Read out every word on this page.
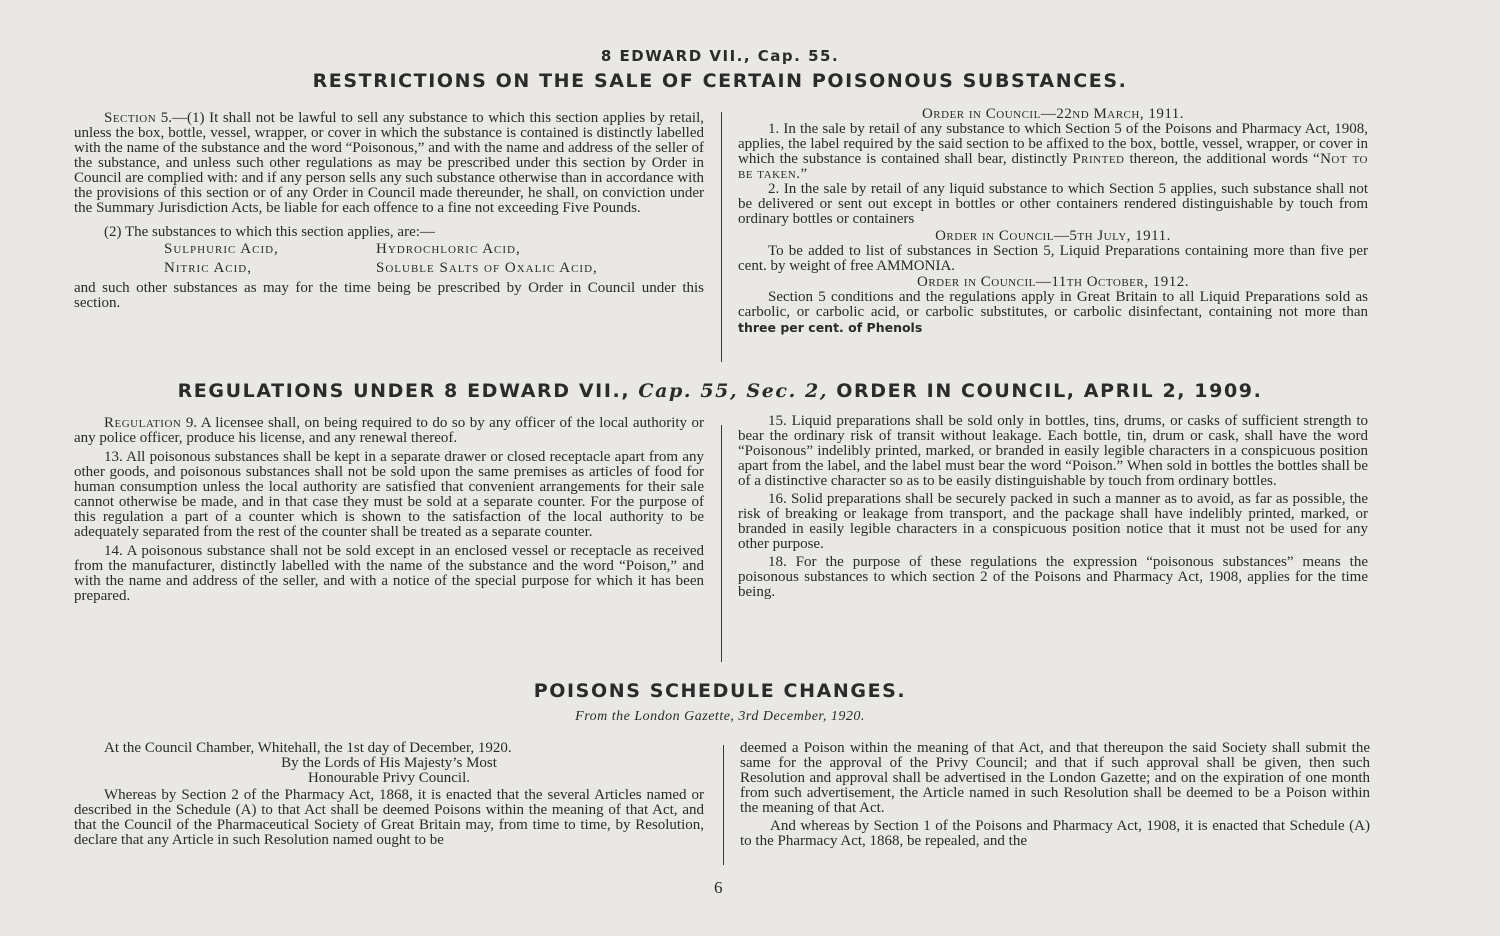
8 EDWARD VII., Cap. 55.
RESTRICTIONS ON THE SALE OF CERTAIN POISONOUS SUBSTANCES.

Section 5.—(1) It shall not be lawful to sell any substance to which this section applies by retail, unless the box, bottle, vessel, wrapper, or cover in which the substance is contained is distinctly labelled with the name of the substance and the word “Poisonous,” and with the name and address of the seller of the substance, and unless such other regulations as may be prescribed under this section by Order in Council are complied with: and if any person sells any such substance otherwise than in accordance with the provisions of this section or of any Order in Council made thereunder, he shall, on conviction under the Summary Jurisdiction Acts, be liable for each offence to a fine not exceeding Five Pounds.

(2) The substances to which this section applies, are:—

Sulphuric Acid,	Hydrochloric Acid,
Nitric Acid,	Soluble Salts of Oxalic Acid,

and such other substances as may for the time being be prescribed by Order in Council under this section.

Order in Council—22nd March, 1911.

1. In the sale by retail of any substance to which Section 5 of the Poisons and Pharmacy Act, 1908, applies, the label required by the said section to be affixed to the box, bottle, vessel, wrapper, or cover in which the substance is contained shall bear, distinctly Printed thereon, the additional words “Not to be taken.”

2. In the sale by retail of any liquid substance to which Section 5 applies, such substance shall not be delivered or sent out except in bottles or other containers rendered distinguishable by touch from ordinary bottles or containers

Order in Council—5th July, 1911.

To be added to list of substances in Section 5, Liquid Preparations containing more than five per cent. by weight of free AMMONIA.

Order in Council—11th October, 1912.

Section 5 conditions and the regulations apply in Great Britain to all Liquid Preparations sold as carbolic, or carbolic acid, or carbolic substitutes, or carbolic disinfectant, containing not more than three per cent. of Phenols

REGULATIONS UNDER 8 EDWARD VII., Cap. 55, Sec. 2, ORDER IN COUNCIL, APRIL 2, 1909.

Regulation 9. A licensee shall, on being required to do so by any officer of the local authority or any police officer, produce his license, and any renewal thereof.

13. All poisonous substances shall be kept in a separate drawer or closed receptacle apart from any other goods, and poisonous substances shall not be sold upon the same premises as articles of food for human consumption unless the local authority are satisfied that convenient arrangements for their sale cannot otherwise be made, and in that case they must be sold at a separate counter. For the purpose of this regulation a part of a counter which is shown to the satisfaction of the local authority to be adequately separated from the rest of the counter shall be treated as a separate counter.

14. A poisonous substance shall not be sold except in an enclosed vessel or receptacle as received from the manufacturer, distinctly labelled with the name of the substance and the word “Poison,” and with the name and address of the seller, and with a notice of the special purpose for which it has been prepared.

15. Liquid preparations shall be sold only in bottles, tins, drums, or casks of sufficient strength to bear the ordinary risk of transit without leakage. Each bottle, tin, drum or cask, shall have the word “Poisonous” indelibly printed, marked, or branded in easily legible characters in a conspicuous position apart from the label, and the label must bear the word “Poison.” When sold in bottles the bottles shall be of a distinctive character so as to be easily distinguishable by touch from ordinary bottles.

16. Solid preparations shall be securely packed in such a manner as to avoid, as far as possible, the risk of breaking or leakage from transport, and the package shall have indelibly printed, marked, or branded in easily legible characters in a conspicuous position notice that it must not be used for any other purpose.

18. For the purpose of these regulations the expression “poisonous substances” means the poisonous substances to which section 2 of the Poisons and Pharmacy Act, 1908, applies for the time being.

POISONS SCHEDULE CHANGES.
From the London Gazette, 3rd December, 1920.

At the Council Chamber, Whitehall, the 1st day of December, 1920.

By the Lords of His Majesty’s Most

Honourable Privy Council.

Whereas by Section 2 of the Pharmacy Act, 1868, it is enacted that the several Articles named or described in the Schedule (A) to that Act shall be deemed Poisons within the meaning of that Act, and that the Council of the Pharmaceutical Society of Great Britain may, from time to time, by Resolution, declare that any Article in such Resolution named ought to be

deemed a Poison within the meaning of that Act, and that thereupon the said Society shall submit the same for the approval of the Privy Council; and that if such approval shall be given, then such Resolution and approval shall be advertised in the London Gazette; and on the expiration of one month from such advertisement, the Article named in such Resolution shall be deemed to be a Poison within the meaning of that Act.

And whereas by Section 1 of the Poisons and Pharmacy Act, 1908, it is enacted that Schedule (A) to the Pharmacy Act, 1868, be repealed, and the

6
